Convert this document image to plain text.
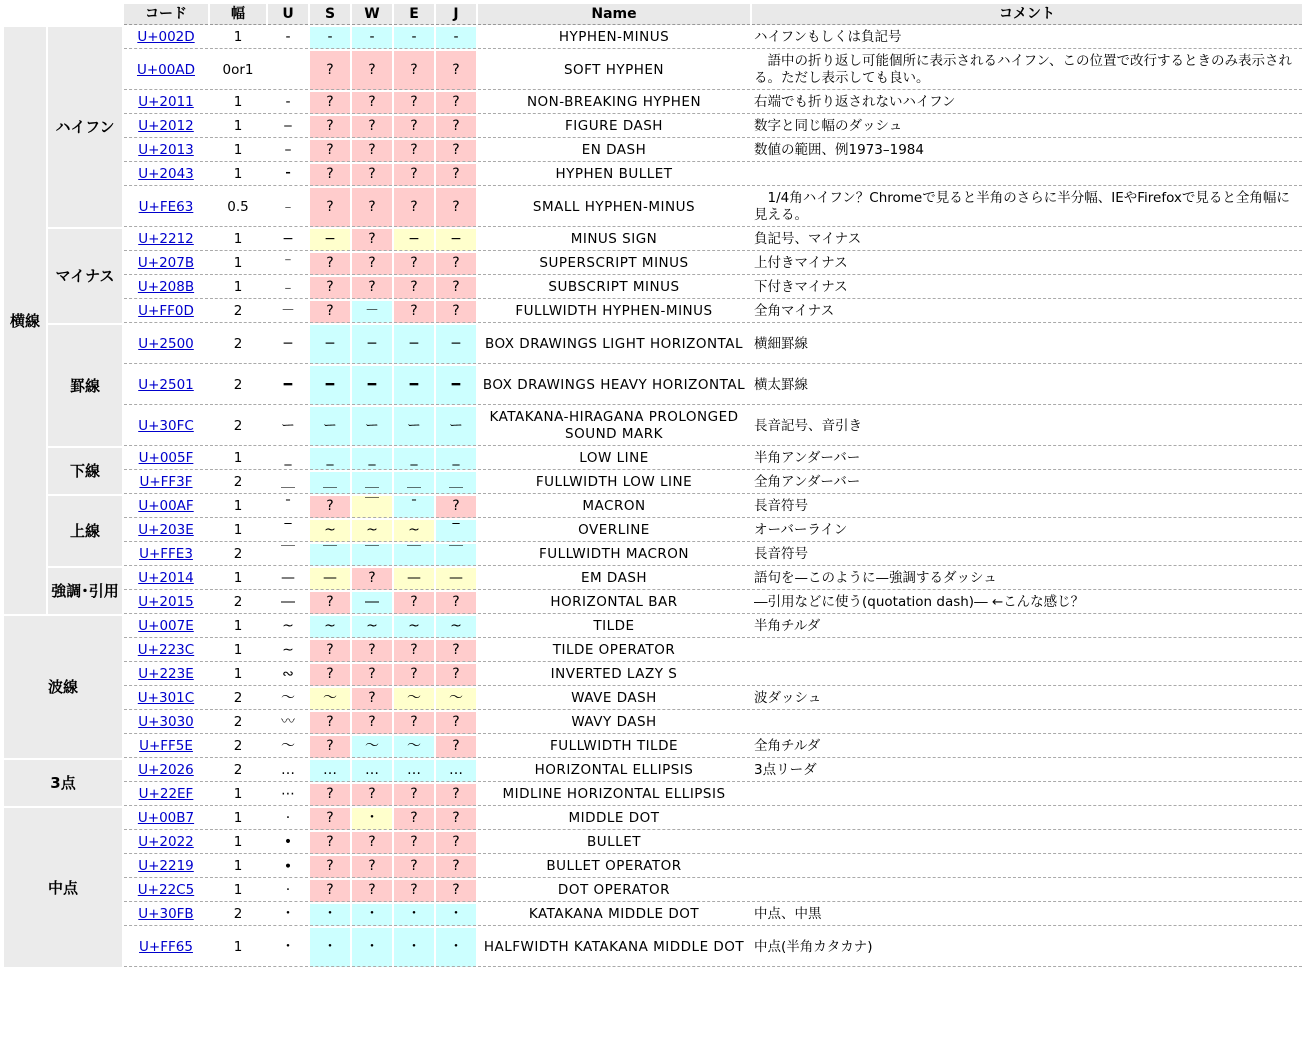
		コード	幅	U	S	W	E	J	Name	コメント
横線	ハイフン	U+002D	1	-	-	-	-	-	HYPHEN-MINUS	ハイフンもしくは負記号
		U+00AD	0or1		?	?	?	?	SOFT HYPHEN	　語中の折り返し可能個所に表示されるハイフン、この位置で改行するときのみ表示される。ただし表示しても良い。
		U+2011	1	‑	?	?	?	?	NON-BREAKING HYPHEN	右端でも折り返されないハイフン
		U+2012	1	‒	?	?	?	?	FIGURE DASH	数字と同じ幅のダッシュ
		U+2013	1	–	?	?	?	?	EN DASH	数値の範囲、例1973–1984
		U+2043	1	⁃	?	?	?	?	HYPHEN BULLET	
		U+FE63	0.5	﹣	?	?	?	?	SMALL HYPHEN-MINUS	　1/4角ハイフン？Chromeで見ると半角のさらに半分幅、IEやFirefoxで見ると全角幅に見える。
	マイナス	U+2212	1	−	−	?	−	−	MINUS SIGN	負記号、マイナス
		U+207B	1	⁻	?	?	?	?	SUPERSCRIPT MINUS	上付きマイナス
		U+208B	1	₋	?	?	?	?	SUBSCRIPT MINUS	下付きマイナス
		U+FF0D	2	－	?	－	?	?	FULLWIDTH HYPHEN-MINUS	全角マイナス
	罫線	U+2500	2	─	─	─	─	─	BOX DRAWINGS LIGHT HORIZONTAL	横細罫線
		U+2501	2	━	━	━	━	━	BOX DRAWINGS HEAVY HORIZONTAL	横太罫線
		U+30FC	2	ー	ー	ー	ー	ー	KATAKANA-HIRAGANA PROLONGED SOUND MARK	長音記号、音引き
	下線	U+005F	1	_	_	_	_	_	LOW LINE	半角アンダーバー
		U+FF3F	2	＿	＿	＿	＿	＿	FULLWIDTH LOW LINE	全角アンダーバー
	上線	U+00AF	1	¯	?	￣	¯	?	MACRON	長音符号
		U+203E	1	‾	~	~	~	‾	OVERLINE	オーバーライン
		U+FFE3	2	￣	￣	￣	￣	￣	FULLWIDTH MACRON	長音符号
	強調･引用	U+2014	1	—	—	?	—	—	EM DASH	語句を—このように—強調するダッシュ
		U+2015	2	―	?	―	?	?	HORIZONTAL BAR	―引用などに使う(quotation dash)― ←こんな感じ？
波線		U+007E	1	~	~	~	~	~	TILDE	半角チルダ
		U+223C	1	∼	?	?	?	?	TILDE OPERATOR	
		U+223E	1	∾	?	?	?	?	INVERTED LAZY S	
		U+301C	2	〜	〜	?	〜	〜	WAVE DASH	波ダッシュ
		U+3030	2	〰	?	?	?	?	WAVY DASH	
		U+FF5E	2	～	?	～	～	?	FULLWIDTH TILDE	全角チルダ
3点		U+2026	2	…	…	…	…	…	HORIZONTAL ELLIPSIS	3点リーダ
		U+22EF	1	⋯	?	?	?	?	MIDLINE HORIZONTAL ELLIPSIS	
中点		U+00B7	1	·	?	･	?	?	MIDDLE DOT	
		U+2022	1	•	?	?	?	?	BULLET	
		U+2219	1	∙	?	?	?	?	BULLET OPERATOR	
		U+22C5	1	⋅	?	?	?	?	DOT OPERATOR	
		U+30FB	2	・	・	・	・	・	KATAKANA MIDDLE DOT	中点、中黒
		U+FF65	1	･	･	･	･	･	HALFWIDTH KATAKANA MIDDLE DOT	中点(半角カタカナ)
